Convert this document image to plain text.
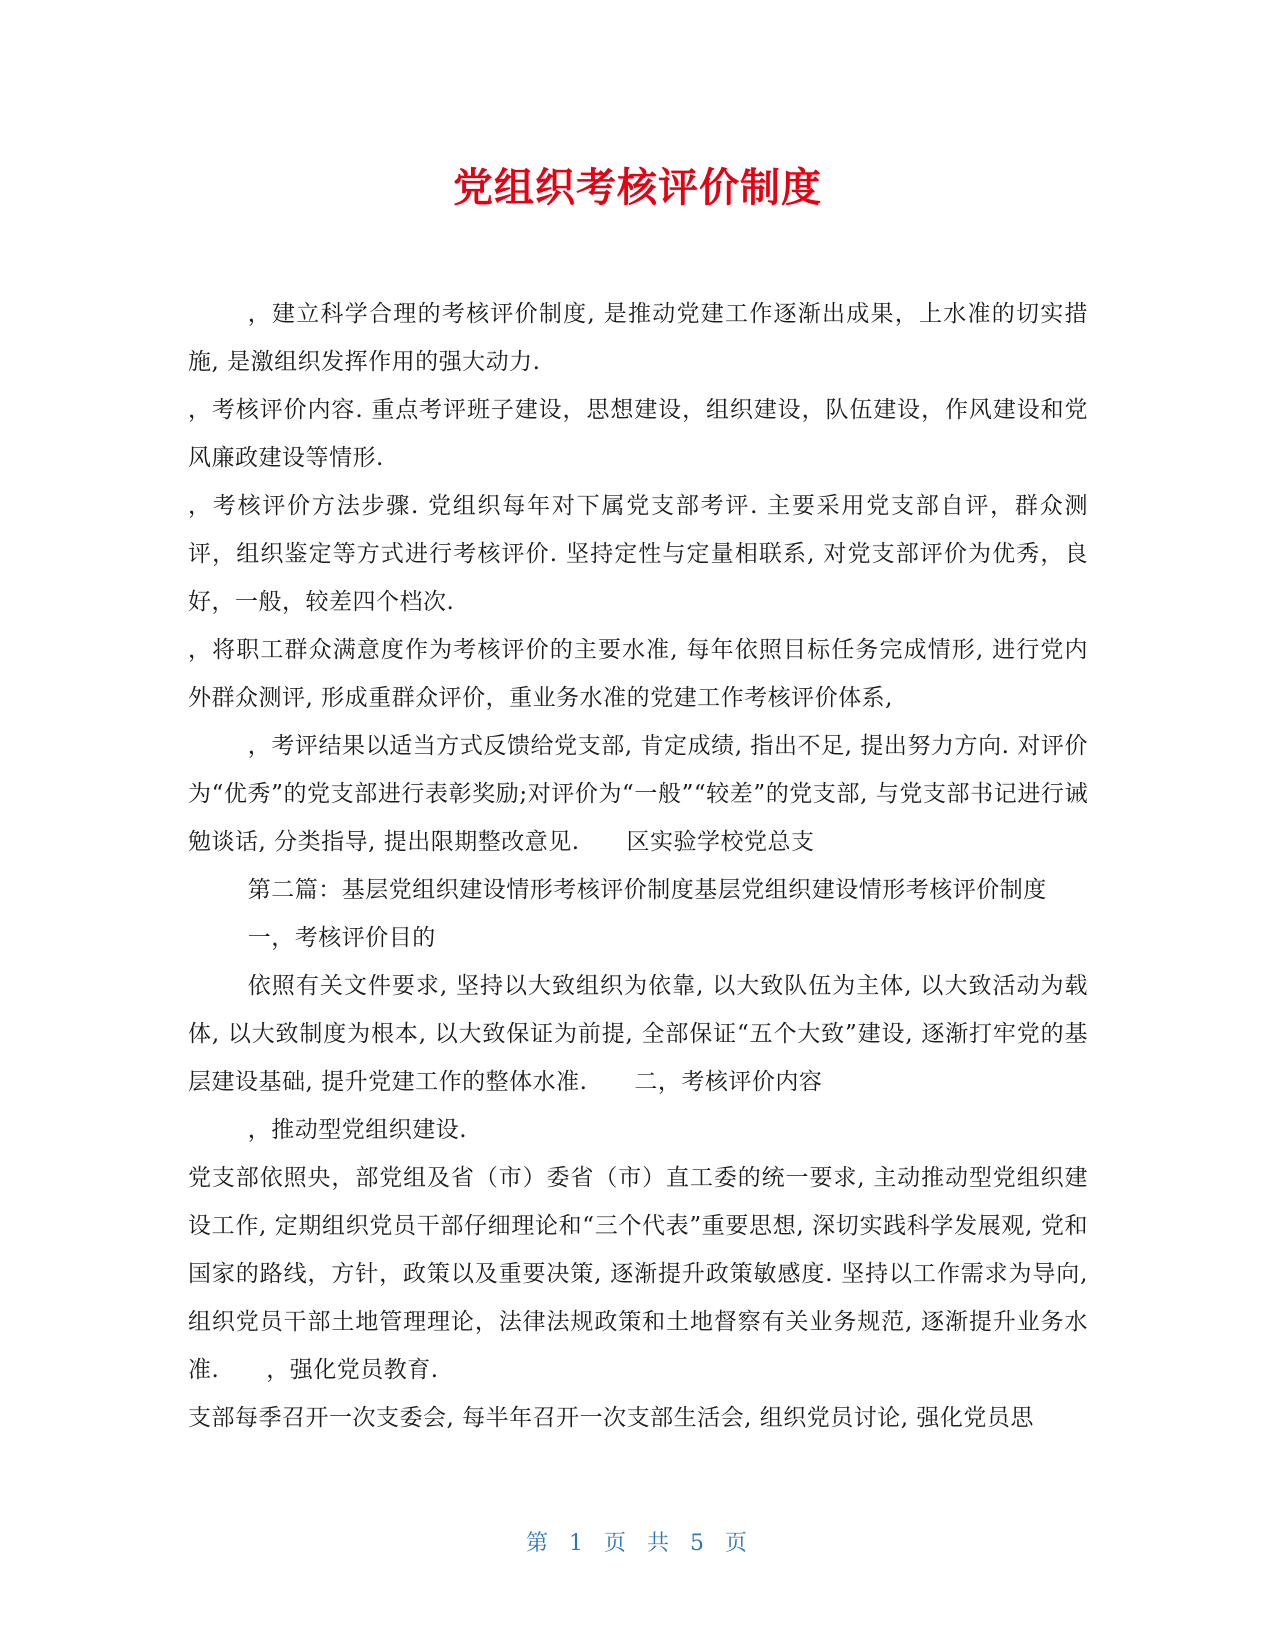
党组织考核评价制度

，建立科学合理的考核评价制度, 是推动党建工作逐渐出成果，上水准的切实措施, 是激组织发挥作用的强大动力.

，考核评价内容. 重点考评班子建设，思想建设，组织建设，队伍建设，作风建设和党风廉政建设等情形.

，考核评价方法步骤. 党组织每年对下属党支部考评. 主要采用党支部自评，群众测评，组织鉴定等方式进行考核评价. 坚持定性与定量相联系, 对党支部评价为优秀，良好，一般，较差四个档次.

，将职工群众满意度作为考核评价的主要水准, 每年依照目标任务完成情形, 进行党内外群众测评, 形成重群众评价，重业务水准的党建工作考核评价体系,

，考评结果以适当方式反馈给党支部, 肯定成绩, 指出不足, 提出努力方向. 对评价为“优秀”的党支部进行表彰奖励;对评价为“一般”“较差”的党支部, 与党支部书记进行诫勉谈话, 分类指导, 提出限期整改意见.　　区实验学校党总支

第二篇：基层党组织建设情形考核评价制度基层党组织建设情形考核评价制度

一，考核评价目的

依照有关文件要求, 坚持以大致组织为依靠, 以大致队伍为主体, 以大致活动为载体, 以大致制度为根本, 以大致保证为前提, 全部保证“五个大致”建设, 逐渐打牢党的基层建设基础, 提升党建工作的整体水准.　　二，考核评价内容

，推动型党组织建设.

党支部依照央，部党组及省（市）委省（市）直工委的统一要求, 主动推动型党组织建设工作, 定期组织党员干部仔细理论和“三个代表”重要思想, 深切实践科学发展观, 党和国家的路线，方针，政策以及重要决策, 逐渐提升政策敏感度. 坚持以工作需求为导向, 组织党员干部土地管理理论，法律法规政策和土地督察有关业务规范, 逐渐提升业务水准.　　，强化党员教育.

支部每季召开一次支委会, 每半年召开一次支部生活会, 组织党员讨论, 强化党员思

第 1 页 共 5 页
